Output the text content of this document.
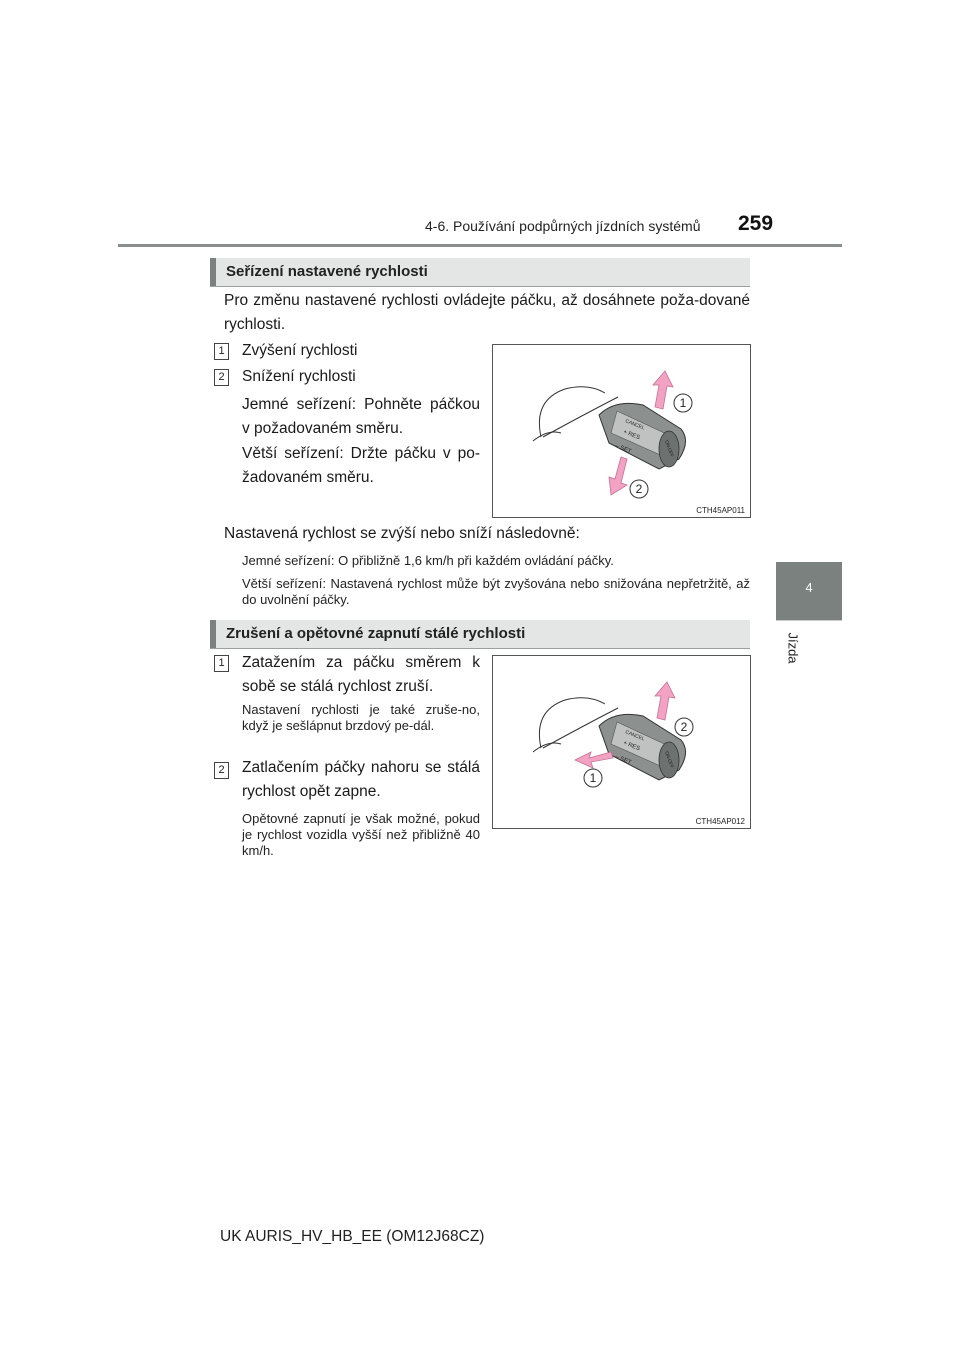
4-6. Používání podpůrných jízdních systémů	259
4
Jízda
Seřízení nastavené rychlosti
Pro změnu nastavené rychlosti ovládejte páčku, až dosáhnete poža-dované rychlosti.
1 Zvýšení rychlosti
2 Snížení rychlosti
Jemné seřízení: Pohněte páčkou v požadovaném směru.
Větší seřízení: Držte páčku v po-žadovaném směru.
CANCEL
+ RES
– SET	ON-OFF
1
2
CTH45AP011
Nastavená rychlost se zvýší nebo sníží následovně:
Jemné seřízení: O přibližně 1,6 km/h při každém ovládání páčky.
Větší seřízení: Nastavená rychlost může být zvyšována nebo snižována nepřetržitě, až do uvolnění páčky.
Zrušení a opětovné zapnutí stálé rychlosti
1 Zatažením za páčku směrem k sobě se stálá rychlost zruší.
Nastavení rychlosti je také zruše-no, když je sešlápnut brzdový pe-dál.
2 Zatlačením páčky nahoru se stálá rychlost opět zapne.
Opětovné zapnutí je však možné, pokud je rychlost vozidla vyšší než přibližně 40 km/h.
CANCEL
+ RES
– SET	ON-OFF
2
1
CTH45AP012
UK AURIS_HV_HB_EE (OM12J68CZ)
